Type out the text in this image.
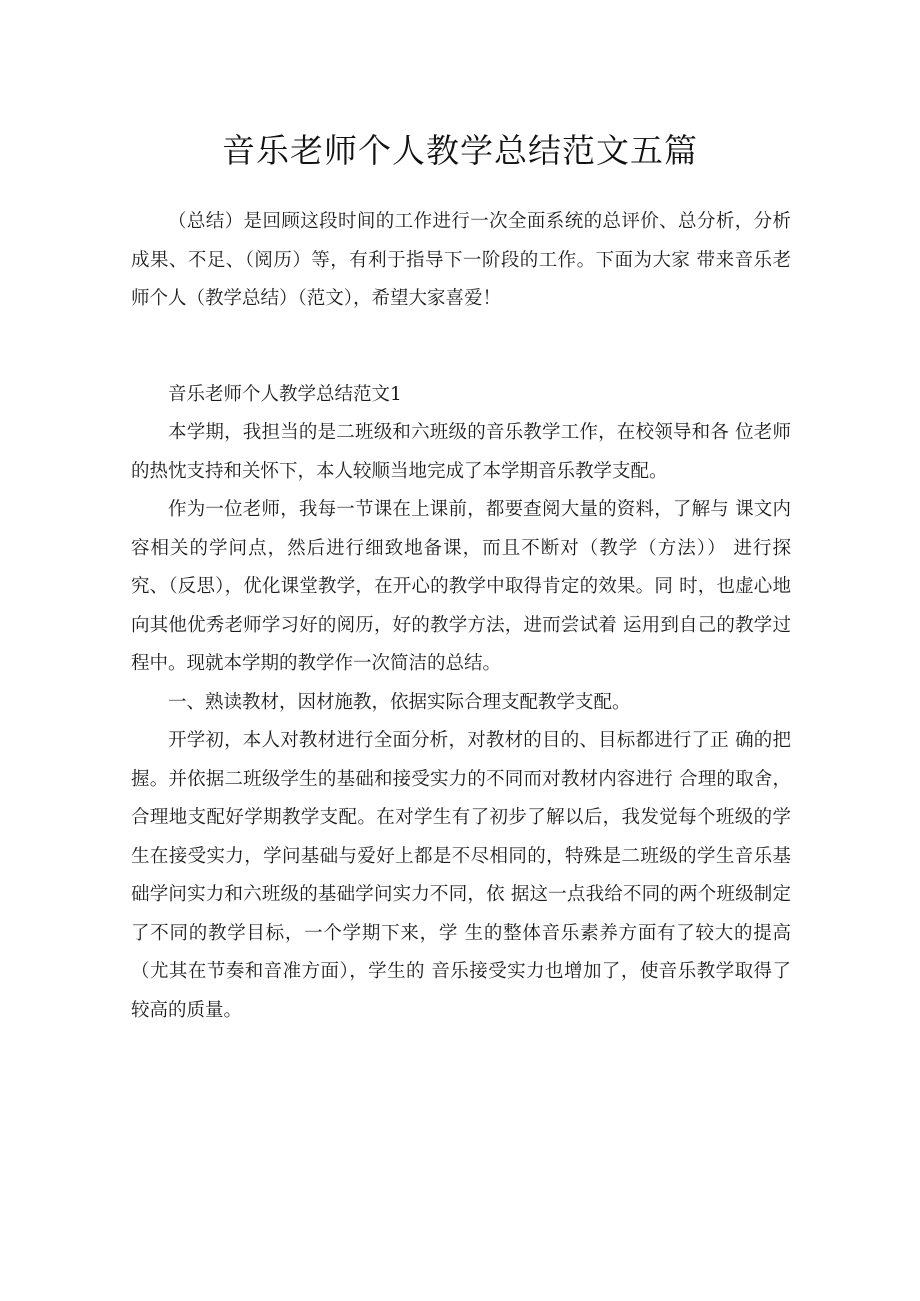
音乐老师个人教学总结范文五篇

（总结）是回顾这段时间的工作进行一次全面系统的总评价、总分析，分析成果、不足、（阅历）等，有利于指导下一阶段的工作。下面为大家 带来音乐老师个人（教学总结）（范文），希望大家喜爱！

音乐老师个人教学总结范文1

本学期，我担当的是二班级和六班级的音乐教学工作，在校领导和各 位老师的热忱支持和关怀下，本人较顺当地完成了本学期音乐教学支配。

作为一位老师，我每一节课在上课前，都要查阅大量的资料，了解与 课文内容相关的学问点，然后进行细致地备课，而且不断对（教学（方法）） 进行探究、（反思），优化课堂教学，在开心的教学中取得肯定的效果。同 时，也虚心地向其他优秀老师学习好的阅历，好的教学方法，进而尝试着 运用到自己的教学过程中。现就本学期的教学作一次简洁的总结。

一、熟读教材，因材施教，依据实际合理支配教学支配。

开学初，本人对教材进行全面分析，对教材的目的、目标都进行了正 确的把握。并依据二班级学生的基础和接受实力的不同而对教材内容进行 合理的取舍，合理地支配好学期教学支配。在对学生有了初步了解以后，我发觉每个班级的学生在接受实力，学问基础与爱好上都是不尽相同的，特殊是二班级的学生音乐基础学问实力和六班级的基础学问实力不同，依 据这一点我给不同的两个班级制定了不同的教学目标，一个学期下来，学 生的整体音乐素养方面有了较大的提高（尤其在节奏和音准方面），学生的 音乐接受实力也增加了，使音乐教学取得了较高的质量。
